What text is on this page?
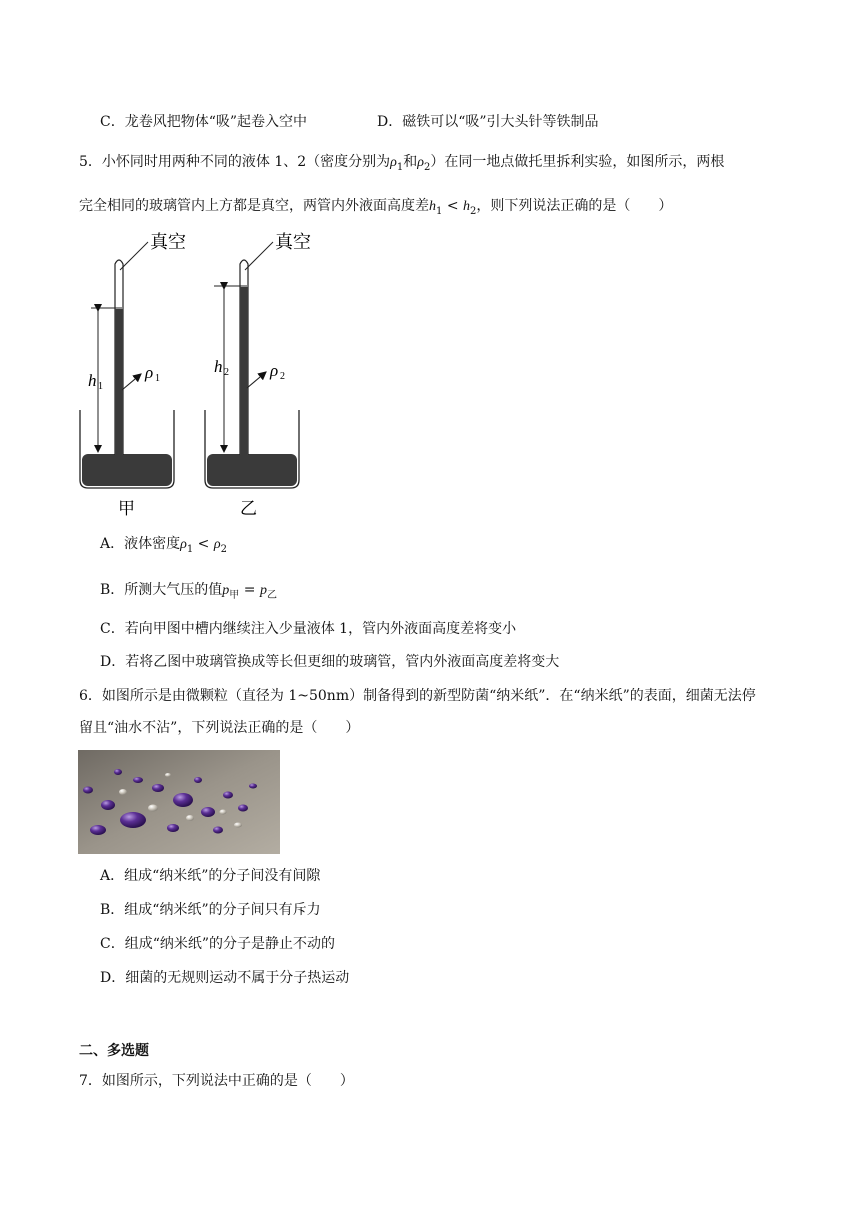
C．龙卷风把物体“吸”起卷入空中	D．磁铁可以“吸”引大头针等铁制品
5．小怀同时用两种不同的液体 1、2（密度分别为$\rho_1$和$\rho_2$）在同一地点做托里拆利实验，如图所示，两根
完全相同的玻璃管内上方都是真空，两管内外液面高度差$h_1 < h_2$，则下列说法正确的是（　　）
真空
h 1
ρ 1
甲
真空
h 2 ρ 2
乙
A．液体密度$\rho_1 < \rho_2$
B．所测大气压的值$p_甲 = p_乙$
C．若向甲图中槽内继续注入少量液体 1，管内外液面高度差将变小
D．若将乙图中玻璃管换成等长但更细的玻璃管，管内外液面高度差将变大
6．如图所示是由微颗粒（直径为 1~50nm）制备得到的新型防菌“纳米纸”．在“纳米纸”的表面，细菌无法停
留且“油水不沾”，下列说法正确的是（　　）
A．组成“纳米纸”的分子间没有间隙
B．组成“纳米纸”的分子间只有斥力
C．组成“纳米纸”的分子是静止不动的
D．细菌的无规则运动不属于分子热运动
二、多选题
7．如图所示，下列说法中正确的是（　　）
